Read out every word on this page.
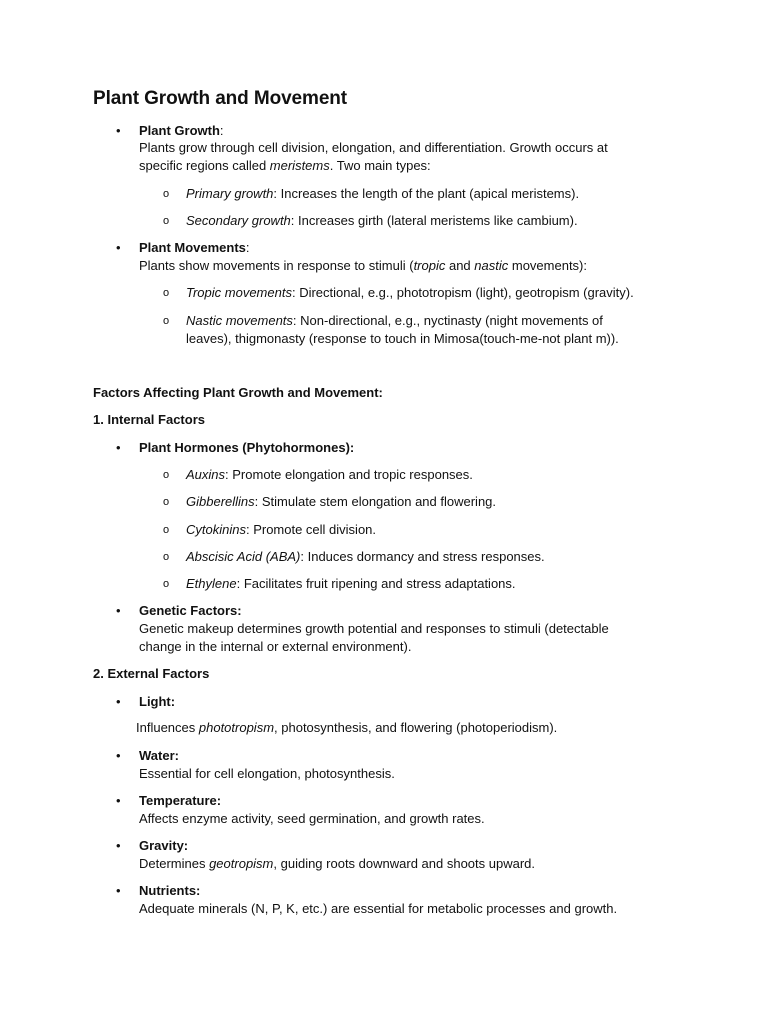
Plant Growth and Movement
• Plant Growth:
Plants grow through cell division, elongation, and differentiation. Growth occurs at
specific regions called meristems. Two main types:
o Primary growth: Increases the length of the plant (apical meristems).
o Secondary growth: Increases girth (lateral meristems like cambium).
• Plant Movements:
Plants show movements in response to stimuli (tropic and nastic movements):
o Tropic movements: Directional, e.g., phototropism (light), geotropism (gravity).
o Nastic movements: Non-directional, e.g., nyctinasty (night movements of
leaves), thigmonasty (response to touch in Mimosa(touch-me-not plant m)).
Factors Affecting Plant Growth and Movement:
1. Internal Factors
• Plant Hormones (Phytohormones):
o Auxins: Promote elongation and tropic responses.
o Gibberellins: Stimulate stem elongation and flowering.
o Cytokinins: Promote cell division.
o Abscisic Acid (ABA): Induces dormancy and stress responses.
o Ethylene: Facilitates fruit ripening and stress adaptations.
• Genetic Factors:
Genetic makeup determines growth potential and responses to stimuli (detectable
change in the internal or external environment).
2. External Factors
• Light:
Influences phototropism, photosynthesis, and flowering (photoperiodism).
• Water:
Essential for cell elongation, photosynthesis.
• Temperature:
Affects enzyme activity, seed germination, and growth rates.
• Gravity:
Determines geotropism, guiding roots downward and shoots upward.
• Nutrients:
Adequate minerals (N, P, K, etc.) are essential for metabolic processes and growth.
